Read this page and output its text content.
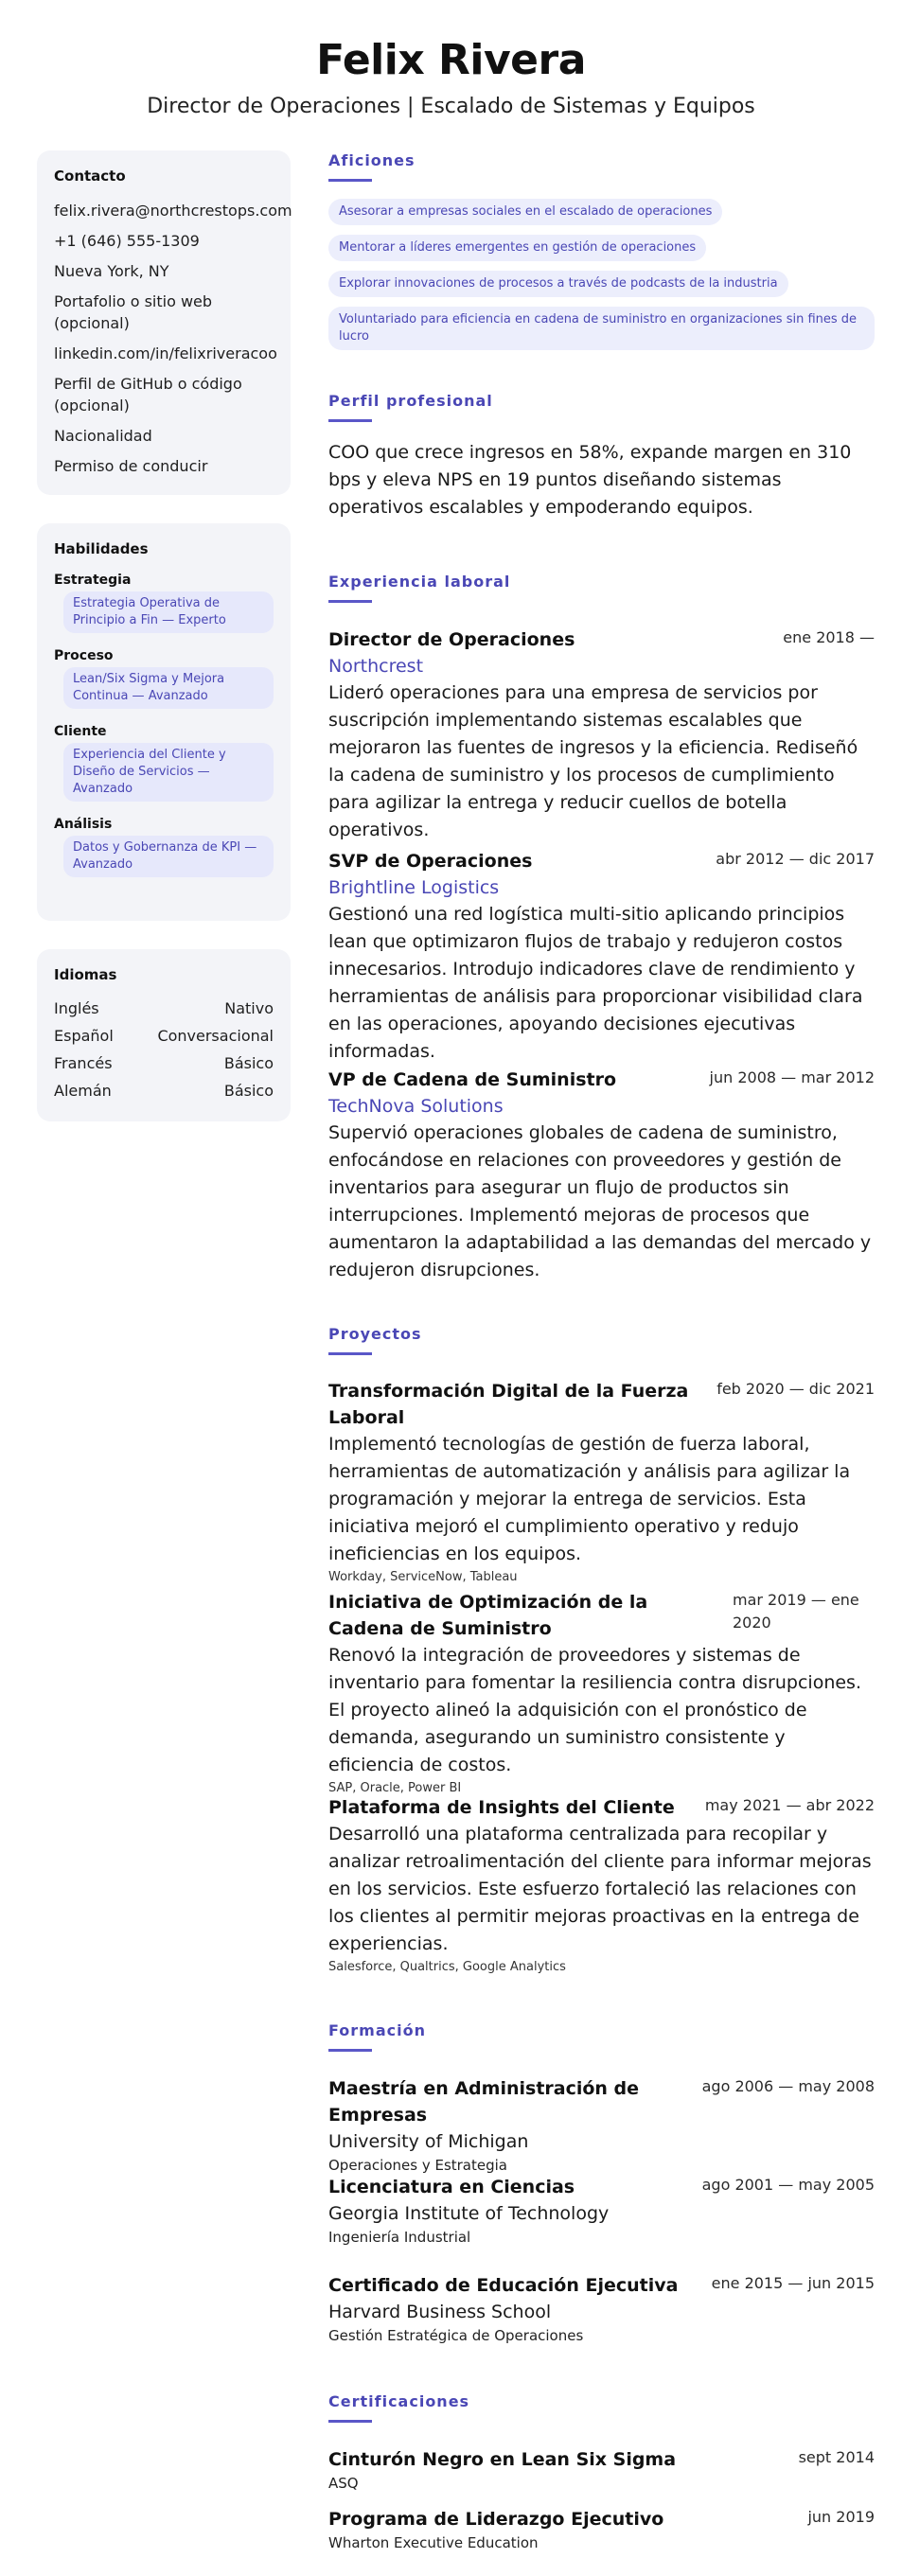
Felix Rivera
Director de Operaciones | Escalado de Sistemas y Equipos
Contacto
felix.rivera@northcrestops.com
+1 (646) 555-1309
Nueva York, NY
Portafolio o sitio web (opcional)
linkedin.com/in/felixriveracoo
Perfil de GitHub o código (opcional)
Nacionalidad
Permiso de conducir
Habilidades
Estrategia
Estrategia Operativa de Principio a Fin — Experto
Proceso
Lean/Six Sigma y Mejora Continua — Avanzado
Cliente
Experiencia del Cliente y Diseño de Servicios — Avanzado
Análisis
Datos y Gobernanza de KPI — Avanzado
Idiomas
Inglés	Nativo
Español	Conversacional
Francés	Básico
Alemán	Básico
Aficiones
Asesorar a empresas sociales en el escalado de operaciones
Mentorar a líderes emergentes en gestión de operaciones
Explorar innovaciones de procesos a través de podcasts de la industria
Voluntariado para eficiencia en cadena de suministro en organizaciones sin fines de lucro
Perfil profesional
COO que crece ingresos en 58%, expande margen en 310 bps y eleva NPS en 19 puntos diseñando sistemas operativos escalables y empoderando equipos.
Experiencia laboral
Director de Operaciones	ene 2018 —
Northcrest
Lideró operaciones para una empresa de servicios por suscripción implementando sistemas escalables que mejoraron las fuentes de ingresos y la eficiencia. Rediseñó la cadena de suministro y los procesos de cumplimiento para agilizar la entrega y reducir cuellos de botella operativos.
SVP de Operaciones	abr 2012 — dic 2017
Brightline Logistics
Gestionó una red logística multi-sitio aplicando principios lean que optimizaron flujos de trabajo y redujeron costos innecesarios. Introdujo indicadores clave de rendimiento y herramientas de análisis para proporcionar visibilidad clara en las operaciones, apoyando decisiones ejecutivas informadas.
VP de Cadena de Suministro	jun 2008 — mar 2012
TechNova Solutions
Supervió operaciones globales de cadena de suministro, enfocándose en relaciones con proveedores y gestión de inventarios para asegurar un flujo de productos sin interrupciones. Implementó mejoras de procesos que aumentaron la adaptabilidad a las demandas del mercado y redujeron disrupciones.
Proyectos
Transformación Digital de la Fuerza Laboral
feb 2020 — dic 2021
Implementó tecnologías de gestión de fuerza laboral, herramientas de automatización y análisis para agilizar la programación y mejorar la entrega de servicios. Esta iniciativa mejoró el cumplimiento operativo y redujo ineficiencias en los equipos.
Workday, ServiceNow, Tableau
Iniciativa de Optimización de la Cadena de Suministro
mar 2019 — ene 2020
Renovó la integración de proveedores y sistemas de inventario para fomentar la resiliencia contra disrupciones. El proyecto alineó la adquisición con el pronóstico de demanda, asegurando un suministro consistente y eficiencia de costos.
SAP, Oracle, Power BI
Plataforma de Insights del Cliente may 2021 — abr 2022
Desarrolló una plataforma centralizada para recopilar y analizar retroalimentación del cliente para informar mejoras en los servicios. Este esfuerzo fortaleció las relaciones con los clientes al permitir mejoras proactivas en la entrega de experiencias.
Salesforce, Qualtrics, Google Analytics
Formación
Maestría en Administración de Empresas
ago 2006 — may 2008
University of Michigan
Operaciones y Estrategia
Licenciatura en Ciencias	ago 2001 — may 2005
Georgia Institute of Technology
Ingeniería Industrial
Certificado de Educación Ejecutiva ene 2015 — jun 2015
Harvard Business School
Gestión Estratégica de Operaciones
Certificaciones
Cinturón Negro en Lean Six Sigma	sept 2014
ASQ
Programa de Liderazgo Ejecutivo	jun 2019
Wharton Executive Education
